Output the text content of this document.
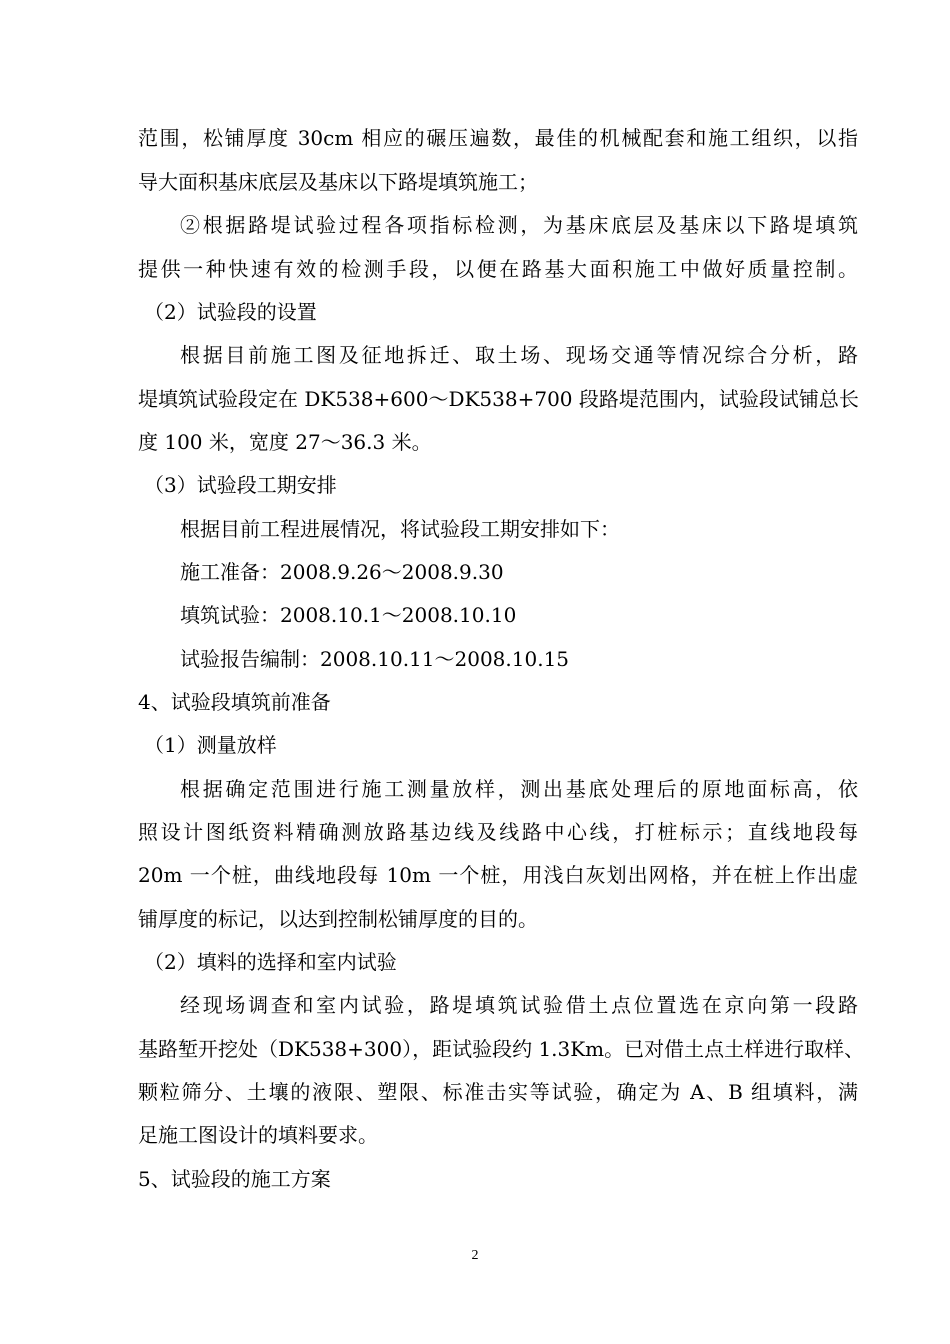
范围，松铺厚度 30cm 相应的碾压遍数，最佳的机械配套和施工组织，以指
导大面积基床底层及基床以下路堤填筑施工；
②根据路堤试验过程各项指标检测，为基床底层及基床以下路堤填筑
提供一种快速有效的检测手段，以便在路基大面积施工中做好质量控制。
（2）试验段的设置
根据目前施工图及征地拆迁、取土场、现场交通等情况综合分析，路
堤填筑试验段定在 DK538+600～DK538+700 段路堤范围内，试验段试铺总长
度 100 米，宽度 27～36.3 米。
（3）试验段工期安排
根据目前工程进展情况，将试验段工期安排如下：
施工准备：2008.9.26～2008.9.30
填筑试验：2008.10.1～2008.10.10
试验报告编制：2008.10.11～2008.10.15
4、试验段填筑前准备
（1）测量放样
根据确定范围进行施工测量放样，测出基底处理后的原地面标高，依
照设计图纸资料精确测放路基边线及线路中心线，打桩标示；直线地段每
20m 一个桩，曲线地段每 10m 一个桩，用浅白灰划出网格，并在桩上作出虚
铺厚度的标记，以达到控制松铺厚度的目的。
（2）填料的选择和室内试验
经现场调查和室内试验，路堤填筑试验借土点位置选在京向第一段路
基路堑开挖处（DK538+300），距试验段约 1.3Km。已对借土点土样进行取样、
颗粒筛分、土壤的液限、塑限、标准击实等试验，确定为 A、B 组填料，满
足施工图设计的填料要求。
5、试验段的施工方案
2
